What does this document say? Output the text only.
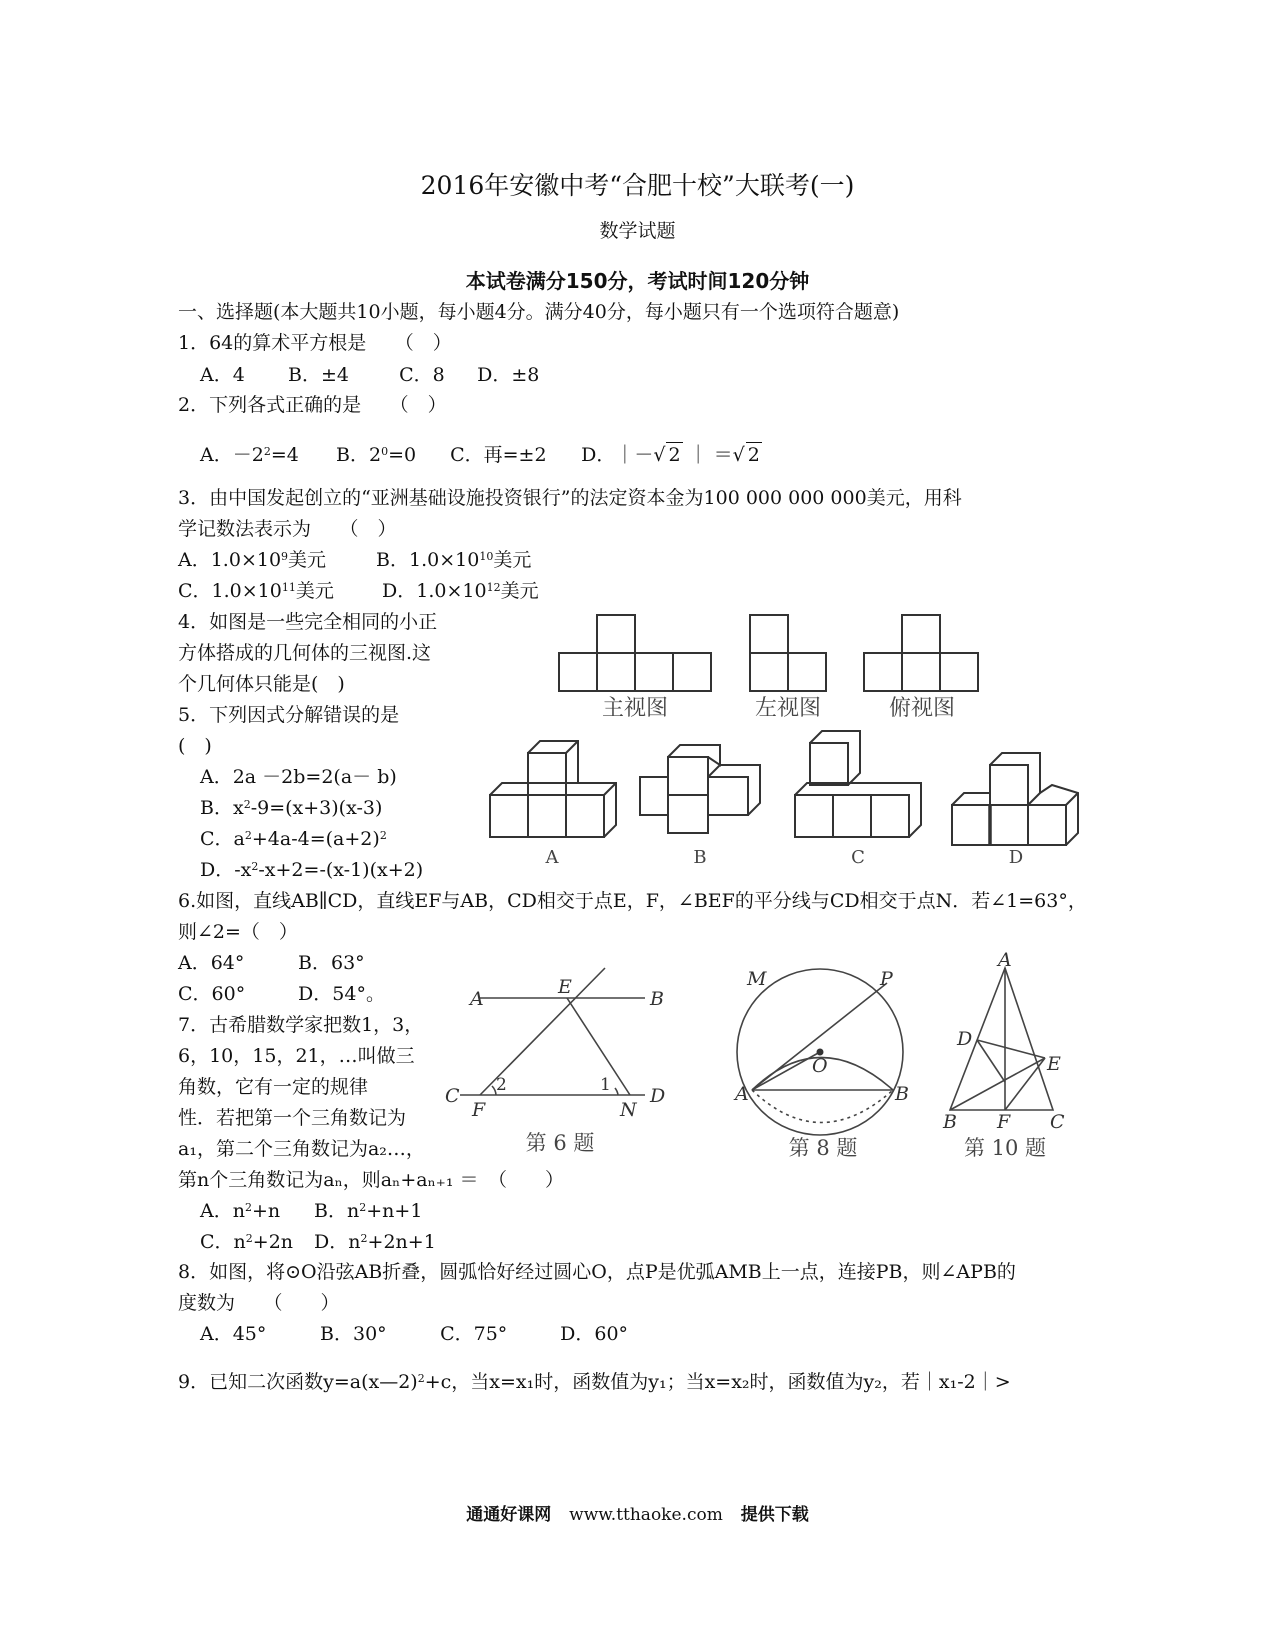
2016年安徽中考“合肥十校”大联考(一)
数学试题
本试卷满分150分，考试时间120分钟
一、选择题(本大题共10小题，每小题4分。满分40分，每小题只有一个选项符合题意)
1．64的算术平方根是　　（　）
A．4 B．±4	C．8 D．±8
2．下列各式正确的是　　（　）
A．$-2^2=4$ B．$2^0=0$ C．再=±2 D．｜－√ 2 ｜ ＝√ 2
3．由中国发起创立的“亚洲基础设施投资银行”的法定资本金为100 000 000 000美元，用科
学记数法表示为　　（　）
A．$1.0\times 10^9$美元	B．$1.0\times 10^{10}$美元
C．$1.0\times 10^{11}$美元	D．$1.0\times 10^{12}$美元
4．如图是一些完全相同的小正
方体搭成的几何体的三视图.这
个几何体只能是(　)
5．下列因式分解错误的是
(　)
A．2a －2b=2(a－ b)
B．$x^2-9=(x+3)(x-3)$
C．$a^2+4a-4=(a+2)^2$
D．$-x^2-x+2=-(x-1)(x+2)$
主视图	左视图	俯视图
A	B	C	D
6.如图，直线AB∥CD，直线EF与AB，CD相交于点E，F，∠BEF的平分线与CD相交于点N．若∠1=63°，
则∠2=（　）
A．64°	B．63°
C．60°	D．54°。
7．古希腊数学家把数1，3，
6，10，15，21，…叫做三
角数，它有一定的规律
性．若把第一个三角数记为
a₁，第二个三角数记为a₂…，
第n个三角数记为aₙ，则aₙ+aₙ₊₁ ＝　（　　）
A．$n^2+n$ B．$n^2+n+1$
C．$n^2+2n$ D．$n^2+2n+1$
A	B
E
C
F	N
D
2	1
第 6 题
M	P
O
A	B
第 8 题
A
D
E
B F C
第 10 题
8．如图，将⊙O沿弦AB折叠，圆弧恰好经过圆心O，点P是优弧AMB上一点，连接PB，则∠APB的
度数为　　（　　）
A．45°	B．30°	C．75°	D．60°
9．已知二次函数y=a(x—2)$^2$+c，当x=x₁时，函数值为y₁；当x=x₂时，函数值为y₂，若｜x₁-2｜>
通通好课网 www.tthaoke.com 提供下载
